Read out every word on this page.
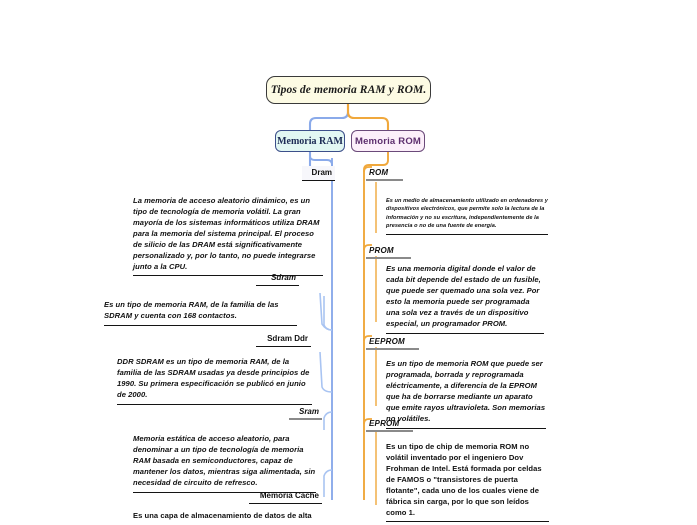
Tipos de memoria RAM y ROM.
Memoria RAM Memoria ROM
Dram

La memoria de acceso aleatorio dinámico, es un tipo de tecnología de memoria volátil. La gran mayoría de los sistemas informáticos utiliza DRAM para la memoria del sistema principal. El proceso de silicio de las DRAM está significativamente personalizado y, por lo tanto, no puede integrarse junto a la CPU.

Sdram

Es un tipo de memoria RAM, de la familia de las SDRAM y cuenta con 168 contactos.

Sdram Ddr

DDR SDRAM es un tipo de memoria RAM, de la familia de las SDRAM usadas ya desde principios de 1990. Su primera especificación se publicó en junio de 2000.

Sram

Memoria estática de acceso aleatorio, para denominar a un tipo de tecnología de memoria RAM basada en semiconductores, capaz de mantener los datos, mientras siga alimentada, sin necesidad de circuito de refresco.

Memoria Cache

Es una capa de almacenamiento de datos de alta

ROM

Es un medio de almacenamiento utilizado en ordenadores y dispositivos electrónicos, que permite solo la lectura de la información y no su escritura, independientemente de la presencia o no de una fuente de energía.

PROM

Es una memoria digital donde el valor de cada bit depende del estado de un fusible, que puede ser quemado una sola vez. Por esto la memoria puede ser programada una sola vez a través de un dispositivo especial, un programador PROM.

EEPROM

Es un tipo de memoria ROM que puede ser programada, borrada y reprogramada eléctricamente, a diferencia de la EPROM que ha de borrarse mediante un aparato que emite rayos ultravioleta. Son memorias no volátiles.

EPROM

Es un tipo de chip de memoria ROM no volátil inventado por el ingeniero Dov Frohman de Intel. Está formada por celdas de FAMOS o "transistores de puerta flotante", cada uno de los cuales viene de fábrica sin carga, por lo que son leídos como 1.
